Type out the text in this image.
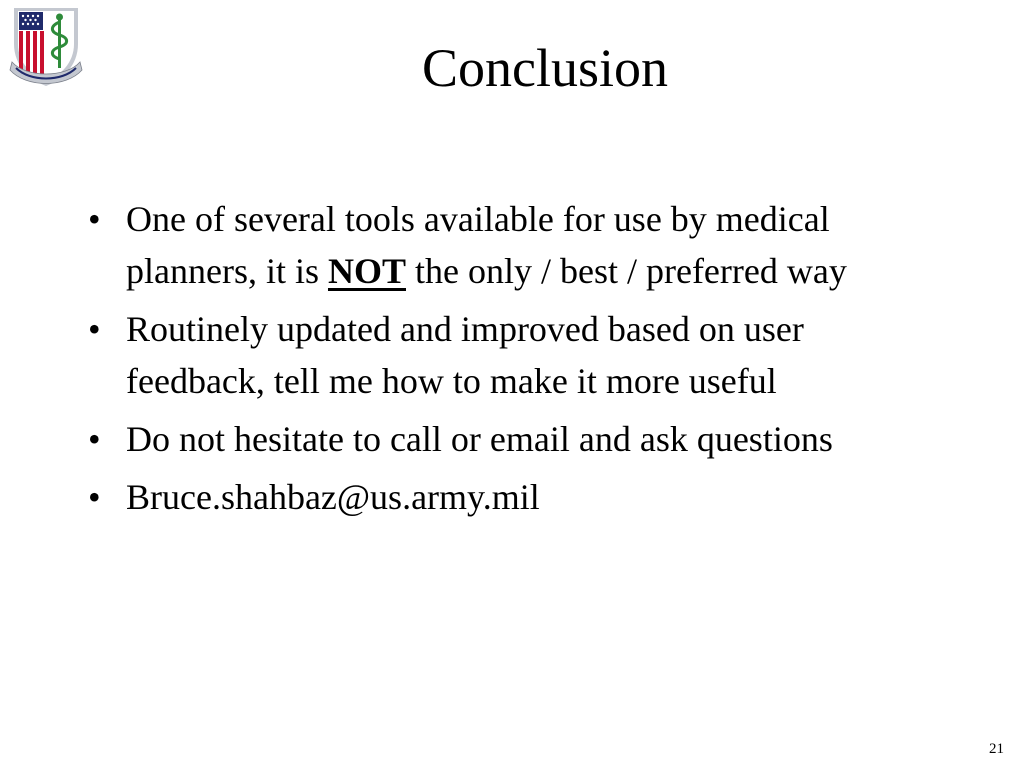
Conclusion
• One of several tools available for use by medical planners, it is NOT the only / best / preferred way
• Routinely updated and improved based on user feedback, tell me how to make it more useful
• Do not hesitate to call or email and ask questions
• Bruce.shahbaz@us.army.mil
21
